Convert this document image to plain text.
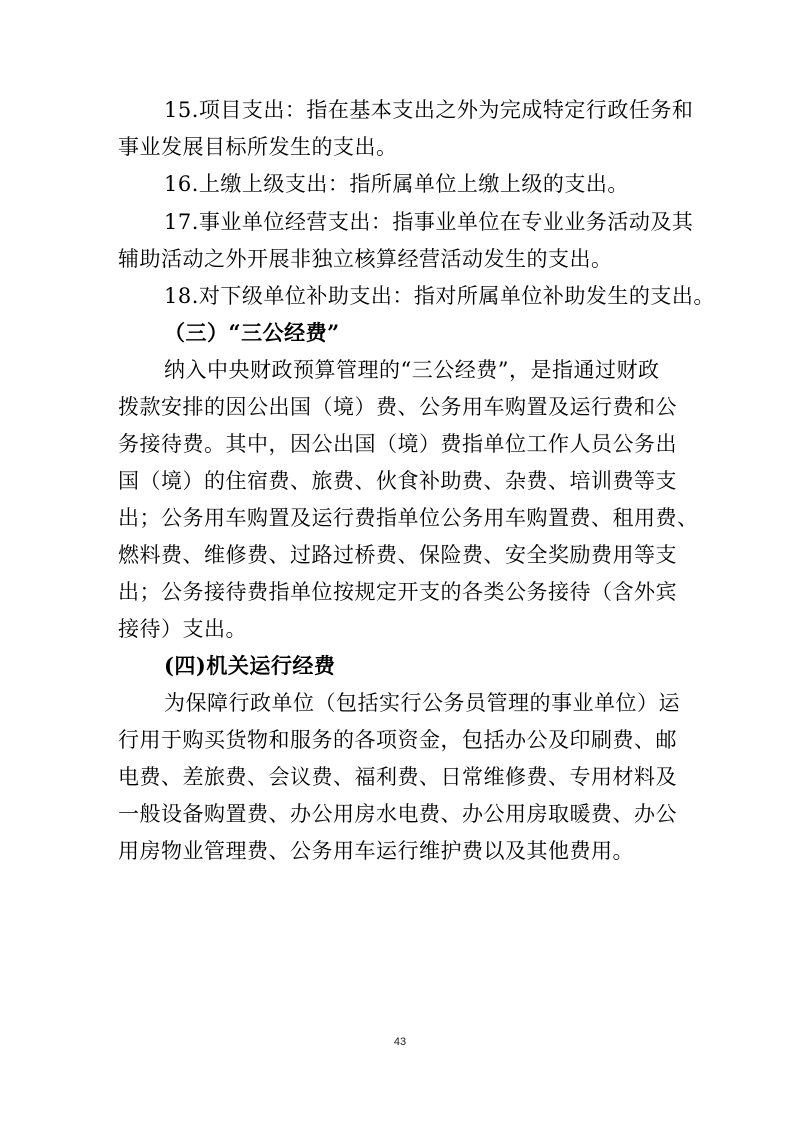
15.项目支出：指在基本支出之外为完成特定行政任务和
事业发展目标所发生的支出。
16.上缴上级支出：指所属单位上缴上级的支出。
17.事业单位经营支出：指事业单位在专业业务活动及其
辅助活动之外开展非独立核算经营活动发生的支出。
18.对下级单位补助支出：指对所属单位补助发生的支出。
（三）“三公经费”
纳入中央财政预算管理的“三公经费”，是指通过财政
拨款安排的因公出国（境）费、公务用车购置及运行费和公
务接待费。其中，因公出国（境）费指单位工作人员公务出
国（境）的住宿费、旅费、伙食补助费、杂费、培训费等支
出；公务用车购置及运行费指单位公务用车购置费、租用费、
燃料费、维修费、过路过桥费、保险费、安全奖励费用等支
出；公务接待费指单位按规定开支的各类公务接待（含外宾
接待）支出。
(四)机关运行经费
为保障行政单位（包括实行公务员管理的事业单位）运
行用于购买货物和服务的各项资金，包括办公及印刷费、邮
电费、差旅费、会议费、福利费、日常维修费、专用材料及
一般设备购置费、办公用房水电费、办公用房取暖费、办公
用房物业管理费、公务用车运行维护费以及其他费用。
43
